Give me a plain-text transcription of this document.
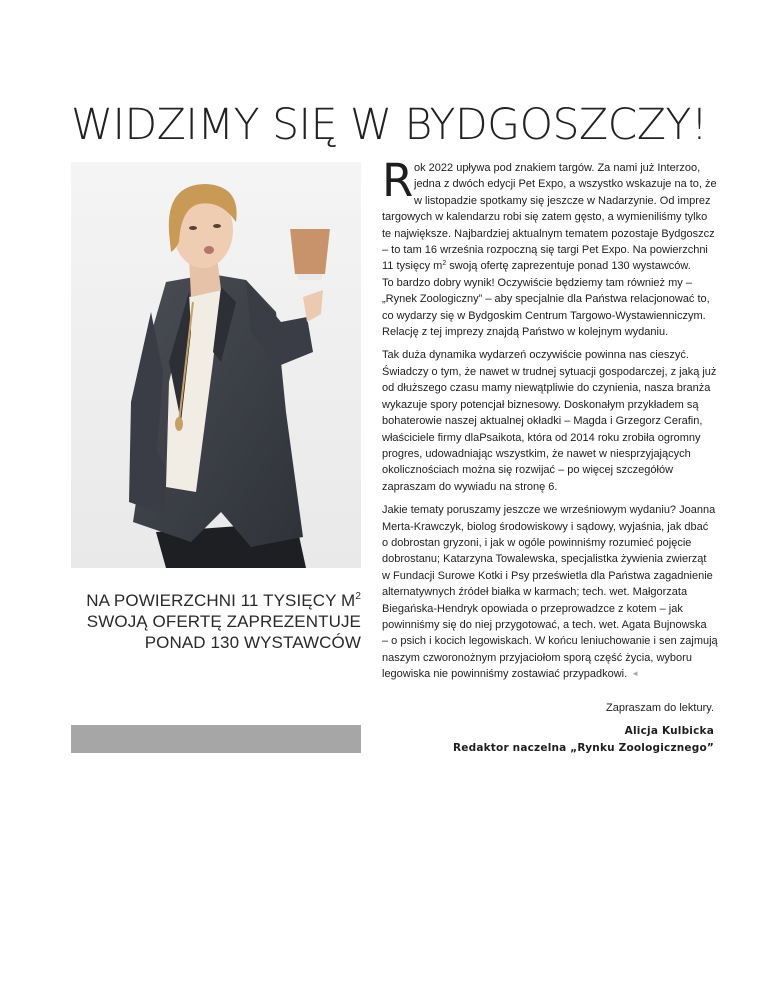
WIDZIMY SIĘ W BYDGOSZCZY!
NA POWIERZCHNI 11 TYSIĘCY $M^2$
SWOJĄ OFERTĘ ZAPREZENTUJE
PONAD 130 WYSTAWCÓW

R ok 2022 upływa pod znakiem targów. Za nami już Interzoo,
jedna z dwóch edycji Pet Expo, a wszystko wskazuje na to, że
w listopadzie spotkamy się jeszcze w Nadarzynie. Od imprez
targowych w kalendarzu robi się zatem gęsto, a wymieniliśmy tylko
te największe. Najbardziej aktualnym tematem pozostaje Bydgoszcz
– to tam 16 września rozpoczną się targi Pet Expo. Na powierzchni
11 tysięcy $m^2$ swoją ofertę zaprezentuje ponad 130 wystawców.
To bardzo dobry wynik! Oczywiście będziemy tam również my –
„Rynek Zoologiczny” – aby specjalnie dla Państwa relacjonować to,
co wydarzy się w Bydgoskim Centrum Targowo-Wystawienniczym.
Relację z tej imprezy znajdą Państwo w kolejnym wydaniu.

Tak duża dynamika wydarzeń oczywiście powinna nas cieszyć.
Świadczy o tym, że nawet w trudnej sytuacji gospodarczej, z jaką już
od dłuższego czasu mamy niewątpliwie do czynienia, nasza branża
wykazuje spory potencjał biznesowy. Doskonałym przykładem są
bohaterowie naszej aktualnej okładki – Magda i Grzegorz Cerafin,
właściciele firmy dlaPsaikota, która od 2014 roku zrobiła ogromny
progres, udowadniając wszystkim, że nawet w niesprzyjających
okolicznościach można się rozwijać – po więcej szczegółów
zapraszam do wywiadu na stronę 6.

Jakie tematy poruszamy jeszcze we wrześniowym wydaniu? Joanna
Merta-Krawczyk, biolog środowiskowy i sądowy, wyjaśnia, jak dbać
o dobrostan gryzoni, i jak w ogóle powinniśmy rozumieć pojęcie
dobrostanu; Katarzyna Towalewska, specjalistka żywienia zwierząt
w Fundacji Surowe Kotki i Psy prześwietla dla Państwa zagadnienie
alternatywnych źródeł białka w karmach; tech. wet. Małgorzata
Biegańska-Hendryk opowiada o przeprowadzce z kotem – jak
powinniśmy się do niej przygotować, a tech. wet. Agata Bujnowska
– o psich i kocich legowiskach. W końcu leniuchowanie i sen zajmują
naszym czworonożnym przyjaciołom sporą część życia, wyboru
legowiska nie powinniśmy zostawiać przypadkowi. ◄

Zapraszam do lektury.
Alicja Kulbicka
Redaktor naczelna „Rynku Zoologicznego”
